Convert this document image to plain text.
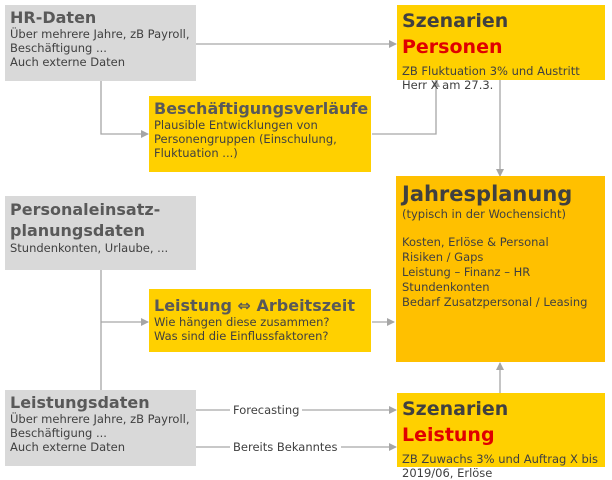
HR-Daten
Über mehrere Jahre, zB Payroll,
Beschäftigung ...
Auch externe Daten
Beschäftigungsverläufe
Plausible Entwicklungen von
Personengruppen (Einschulung,
Fluktuation ...)
Szenarien Personen
ZB Fluktuation 3% und Austritt
Herr X am 27.3.
Personaleinsatz-
planungsdaten
Stundenkonten, Urlaube, ...
Jahresplanung
(typisch in der Wochensicht)
Kosten, Erlöse & Personal
Risiken / Gaps
Leistung – Finanz – HR
Stundenkonten
Bedarf Zusatzpersonal / Leasing
Leistung ⇔ Arbeitszeit
Wie hängen diese zusammen?
Was sind die Einflussfaktoren?
Leistungsdaten
Über mehrere Jahre, zB Payroll,
Beschäftigung ...
Auch externe Daten
Szenarien Leistung
ZB Zuwachs 3% und Auftrag X bis
2019/06, Erlöse
Forecasting
Bereits Bekanntes
